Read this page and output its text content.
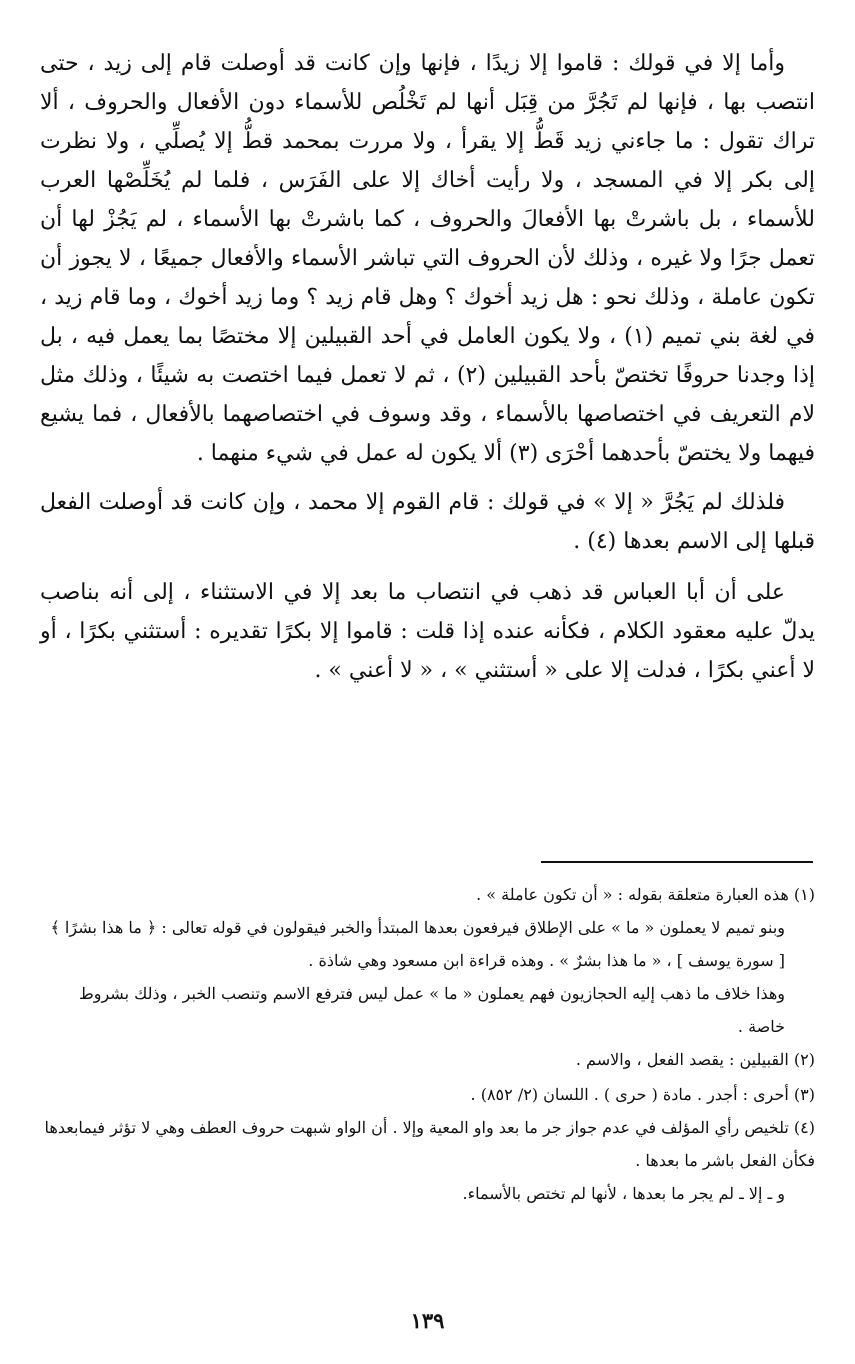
وأما إلا في قولك : قاموا إلا زيدًا ، فإنها وإن كانت قد أوصلت قام إلى زيد ، حتى انتصب بها ، فإنها لم تَجُرَّ من قِبَل أنها لم تَخْلُص للأسماء دون الأفعال والحروف ، ألا تراك تقول : ما جاءني زيد قَطُّ إلا يقرأ ، ولا مررت بمحمد قطُّ إلا يُصلِّي ، ولا نظرت إلى بكر إلا في المسجد ، ولا رأيت أخاك إلا على الفَرَس ، فلما لم يُخَلِّصْها العرب للأسماء ، بل باشرتْ بها الأفعالَ والحروف ، كما باشرتْ بها الأسماء ، لم يَجُزْ لها أن تعمل جرًا ولا غيره ، وذلك لأن الحروف التي تباشر الأسماء والأفعال جميعًا ، لا يجوز أن تكون عاملة ، وذلك نحو : هل زيد أخوك ؟ وهل قام زيد ؟ وما زيد أخوك ، وما قام زيد ، في لغة بني تميم (١) ، ولا يكون العامل في أحد القبيلين إلا مختصًا بما يعمل فيه ، بل إذا وجدنا حروفًا تختصّ بأحد القبيلين (٢) ، ثم لا تعمل فيما اختصت به شيئًا ، وذلك مثل لام التعريف في اختصاصها بالأسماء ، وقد وسوف في اختصاصهما بالأفعال ، فما يشيع فيهما ولا يختصّ بأحدهما أحْرَى (٣) ألا يكون له عمل في شيء منهما .

فلذلك لم يَجُرَّ « إلا » في قولك : قام القوم إلا محمد ، وإن كانت قد أوصلت الفعل قبلها إلى الاسم بعدها (٤) .

على أن أبا العباس قد ذهب في انتصاب ما بعد إلا في الاستثناء ، إلى أنه بناصب يدلّ عليه معقود الكلام ، فكأنه عنده إذا قلت : قاموا إلا بكرًا تقديره : أستثني بكرًا ، أو لا أعني بكرًا ، فدلت إلا على « أستثني » ، « لا أعني » .

(١) هذه العبارة متعلقة بقوله : « أن تكون عاملة » .

وبنو تميم لا يعملون « ما » على الإطلاق فيرفعون بعدها المبتدأ والخبر فيقولون في قوله تعالى : ﴿ ما هذا بشرًا ﴾ [ سورة يوسف ] ، « ما هذا بشرٌ » . وهذه قراءة ابن مسعود وهي شاذة .

وهذا خلاف ما ذهب إليه الحجازيون فهم يعملون « ما » عمل ليس فترفع الاسم وتنصب الخبر ، وذلك بشروط خاصة .

(٢) القبيلين : يقصد الفعل ، والاسم .

(٣) أحرى : أجدر . مادة ( حرى ) . اللسان (٢/ ٨٥٢) .

(٤) تلخيص رأي المؤلف في عدم جواز جر ما بعد واو المعية وإلا . أن الواو شبهت حروف العطف وهي لا تؤثر فيمابعدها فكأن الفعل باشر ما بعدها .

و ـ إلا ـ لم يجر ما بعدها ، لأنها لم تختص بالأسماء.

١٣٩
